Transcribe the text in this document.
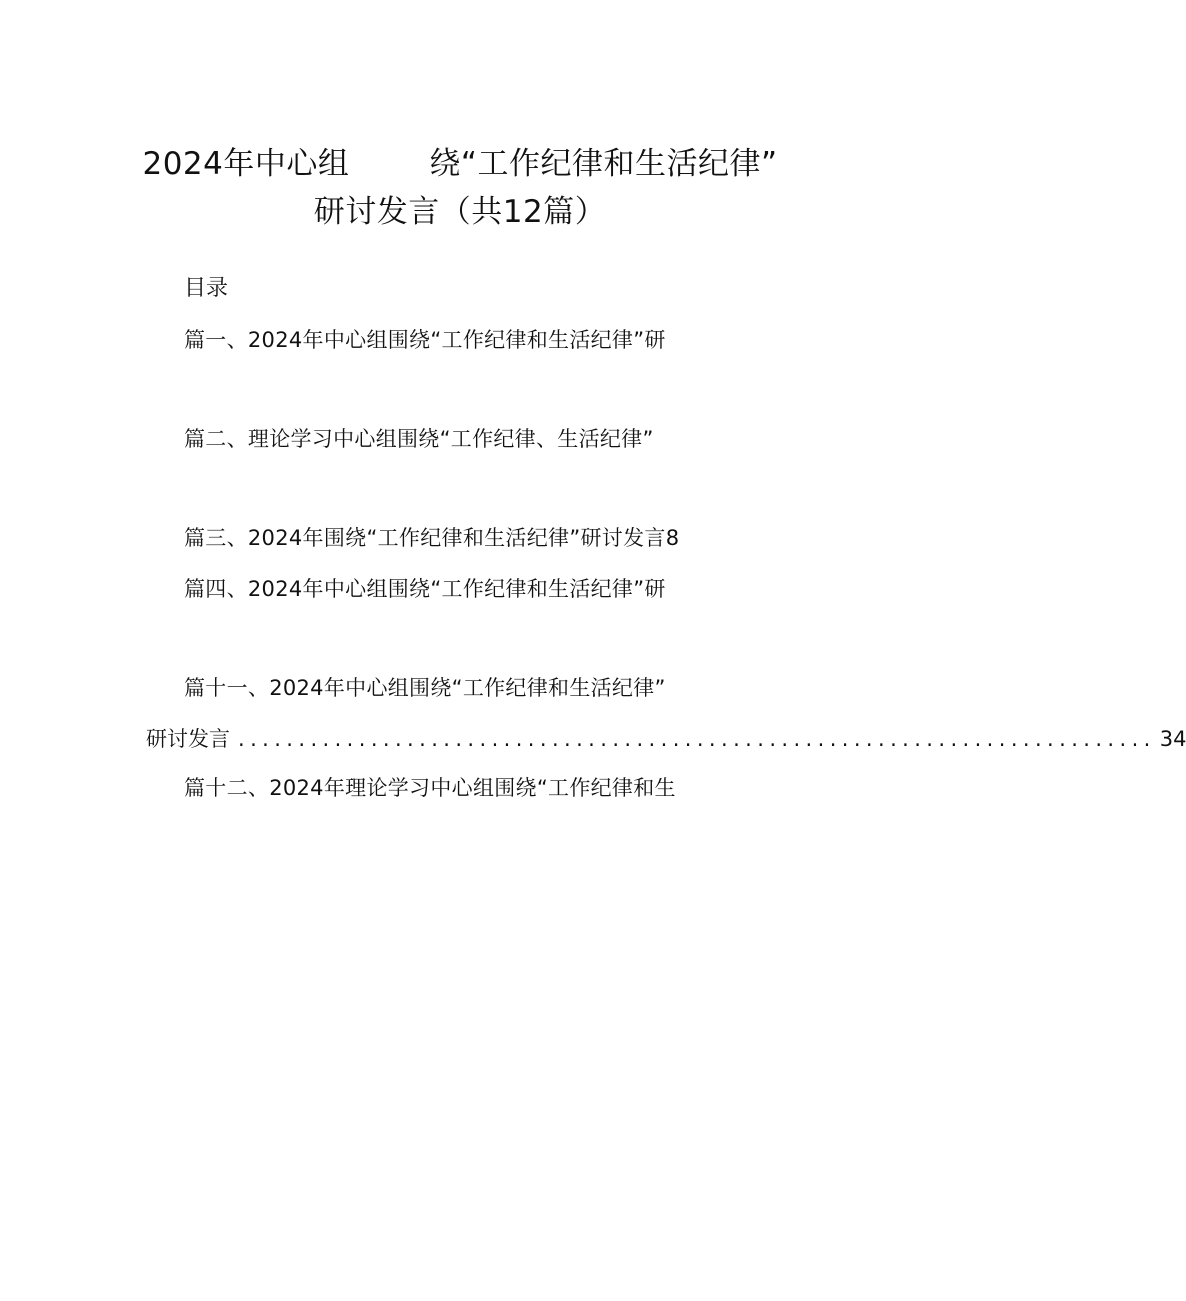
2024年中心组	绕“工作纪律和生活纪律”
研讨发言（共12篇）
目录
篇一、2024年中心组围绕“工作纪律和生活纪律”研
篇二、理论学习中心组围绕“工作纪律、生活纪律”
篇三、2024年围绕“工作纪律和生活纪律”研讨发言8
篇四、2024年中心组围绕“工作纪律和生活纪律”研
篇十一、2024年中心组围绕“工作纪律和生活纪律”
研讨发言 ............................................................................ 34
篇十二、2024年理论学习中心组围绕“工作纪律和生
